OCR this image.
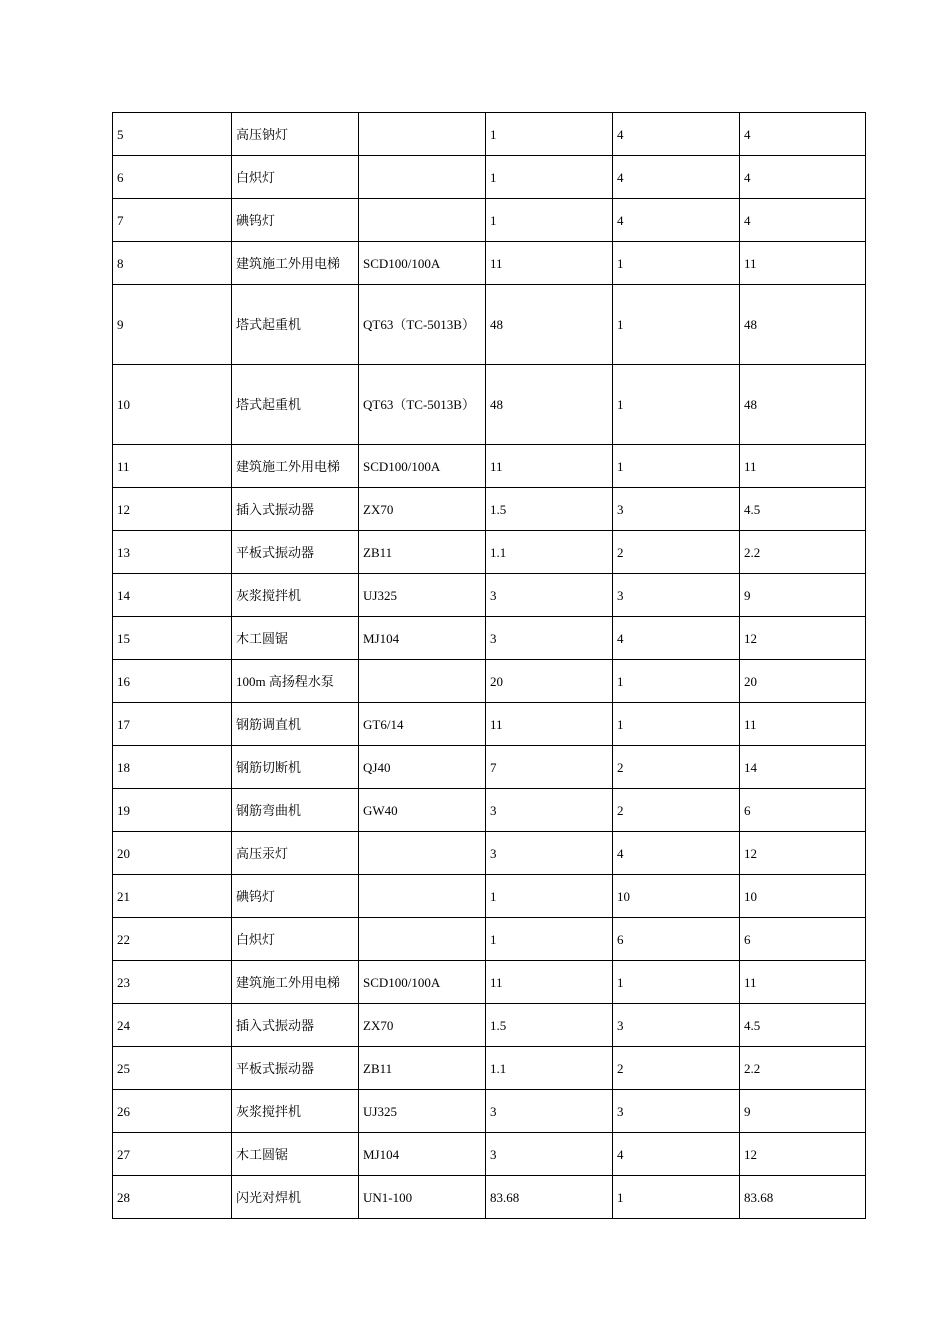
5	高压钠灯		1	4	4
6	白炽灯		1	4	4
7	碘钨灯		1	4	4
8	建筑施工外用电梯	SCD100/100A	11	1	11
9	塔式起重机	QT63（TC-5013B）	48	1	48
10	塔式起重机	QT63（TC-5013B）	48	1	48
11	建筑施工外用电梯	SCD100/100A	11	1	11
12	插入式振动器	ZX70	1.5	3	4.5
13	平板式振动器	ZB11	1.1	2	2.2
14	灰浆搅拌机	UJ325	3	3	9
15	木工圆锯	MJ104	3	4	12
16	100m 高扬程水泵		20	1	20
17	钢筋调直机	GT6/14	11	1	11
18	钢筋切断机	QJ40	7	2	14
19	钢筋弯曲机	GW40	3	2	6
20	高压汞灯		3	4	12
21	碘钨灯		1	10	10
22	白炽灯		1	6	6
23	建筑施工外用电梯	SCD100/100A	11	1	11
24	插入式振动器	ZX70	1.5	3	4.5
25	平板式振动器	ZB11	1.1	2	2.2
26	灰浆搅拌机	UJ325	3	3	9
27	木工圆锯	MJ104	3	4	12
28	闪光对焊机	UN1-100	83.68	1	83.68
